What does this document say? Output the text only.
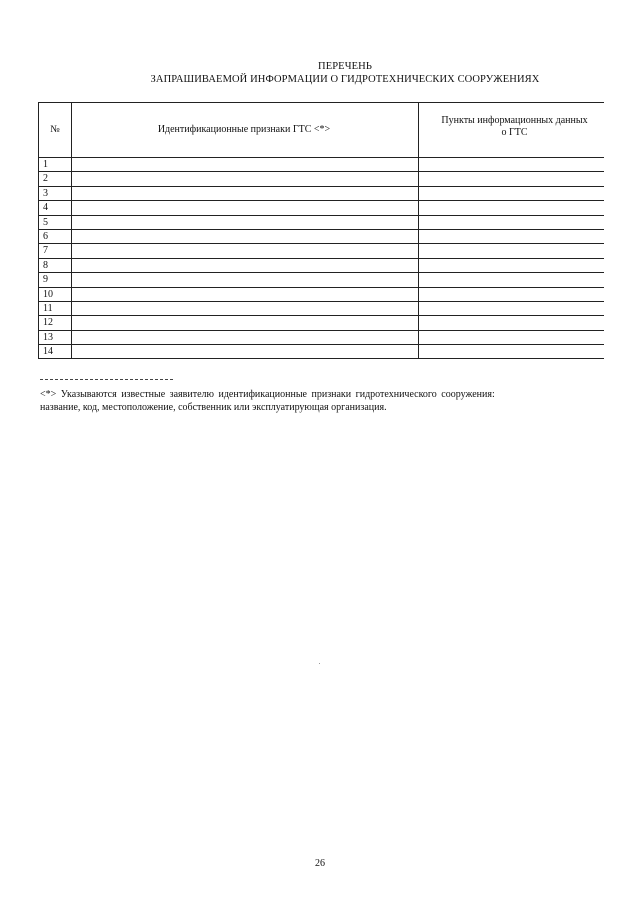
ПЕРЕЧЕНЬ
ЗАПРАШИВАЕМОЙ ИНФОРМАЦИИ О ГИДРОТЕХНИЧЕСКИХ СООРУЖЕНИЯХ
№	Идентификационные признаки ГТС <*>
Пункты информационных данных
о ГТС
1
2
3
4
5
6
7
8
9
10
11
12
13
14
<*> Указываются известные заявителю идентификационные признаки гидротехнического сооружения:
название, код, местоположение, собственник или эксплуатирующая организация.
26
